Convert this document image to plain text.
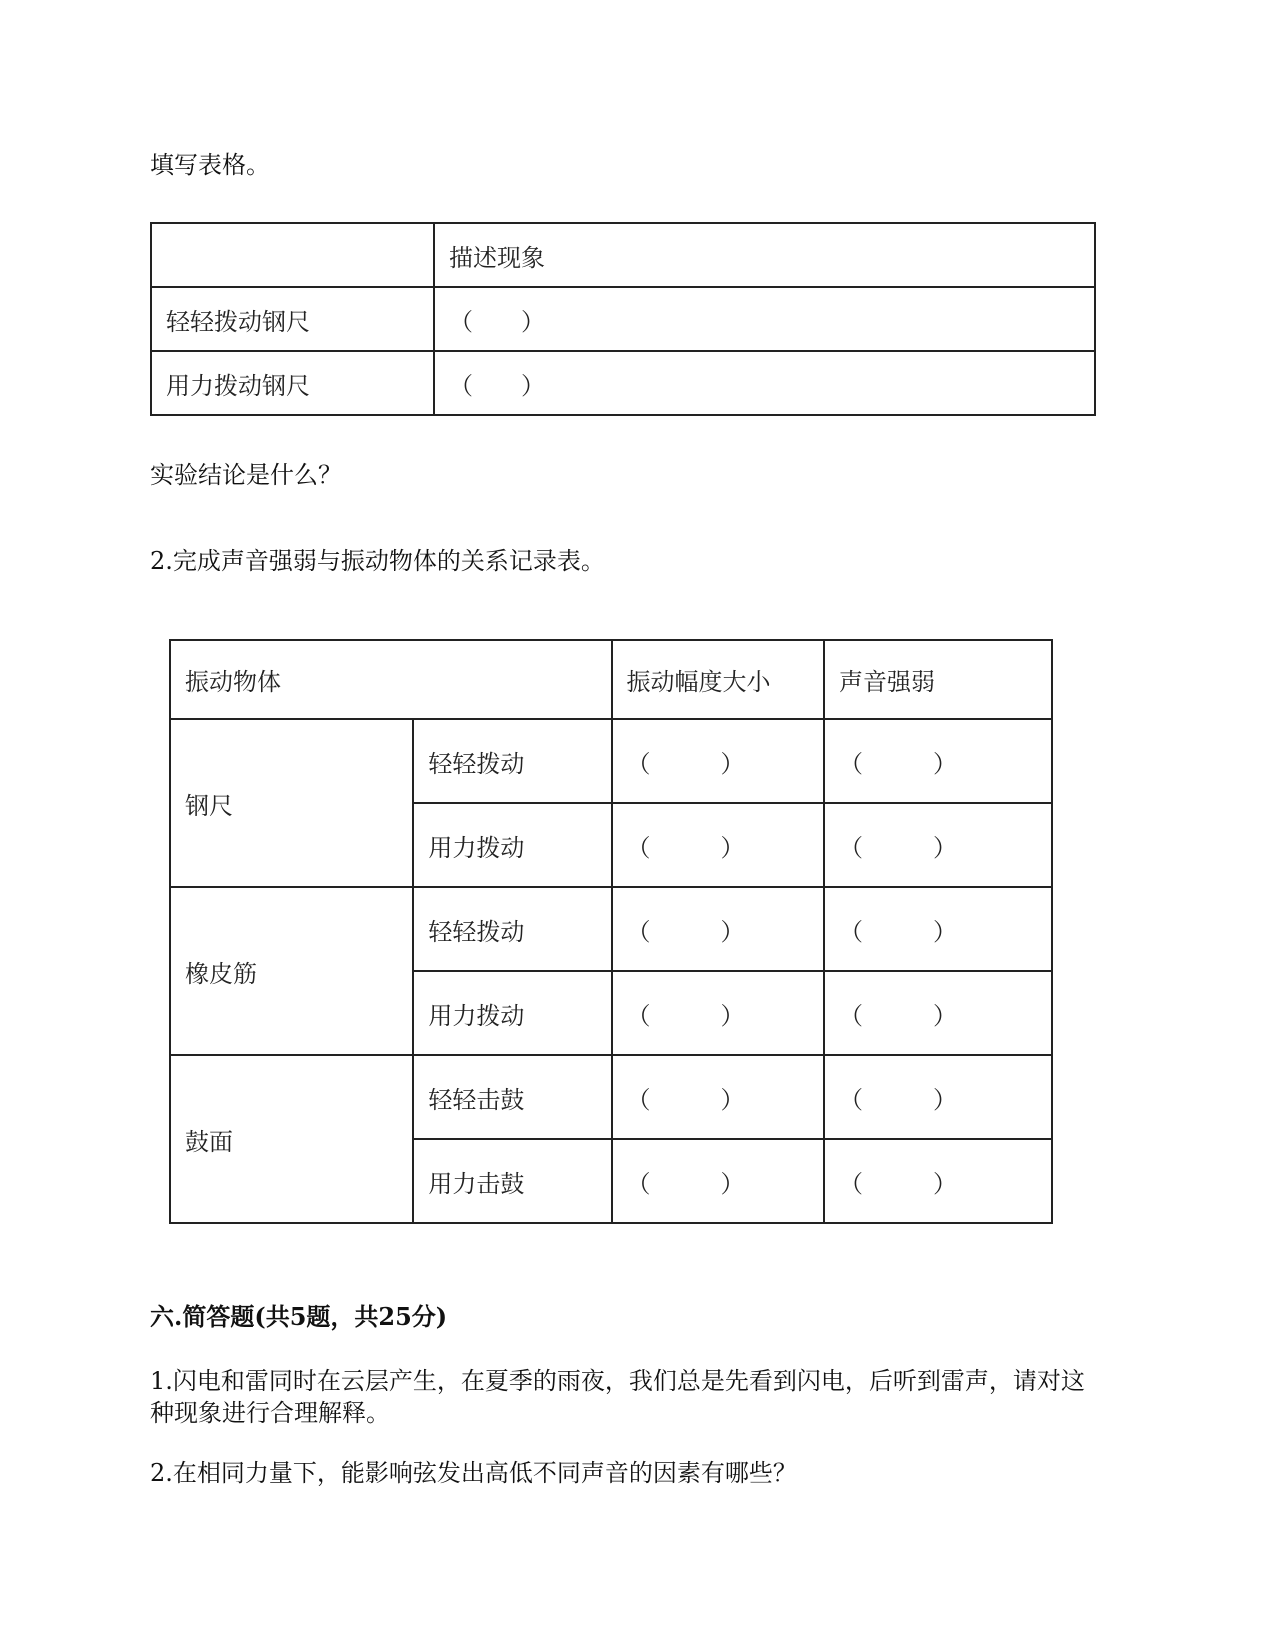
填写表格。
	描述现象
轻轻拨动钢尺	（　　）
用力拨动钢尺	（　　）
实验结论是什么？
2.完成声音强弱与振动物体的关系记录表。
振动物体		振动幅度大小	声音强弱
钢尺	轻轻拨动	（ ）	（ ）
	用力拨动	（ ）	（ ）
橡皮筋	轻轻拨动	（ ）	（ ）
	用力拨动	（ ）	（ ）
鼓面	轻轻击鼓	（ ）	（ ）
	用力击鼓	（ ）	（ ）
六.简答题(共5题，共25分)
1.闪电和雷同时在云层产生，在夏季的雨夜，我们总是先看到闪电，后听到雷声，请对这
种现象进行合理解释。
2.在相同力量下，能影响弦发出高低不同声音的因素有哪些？
